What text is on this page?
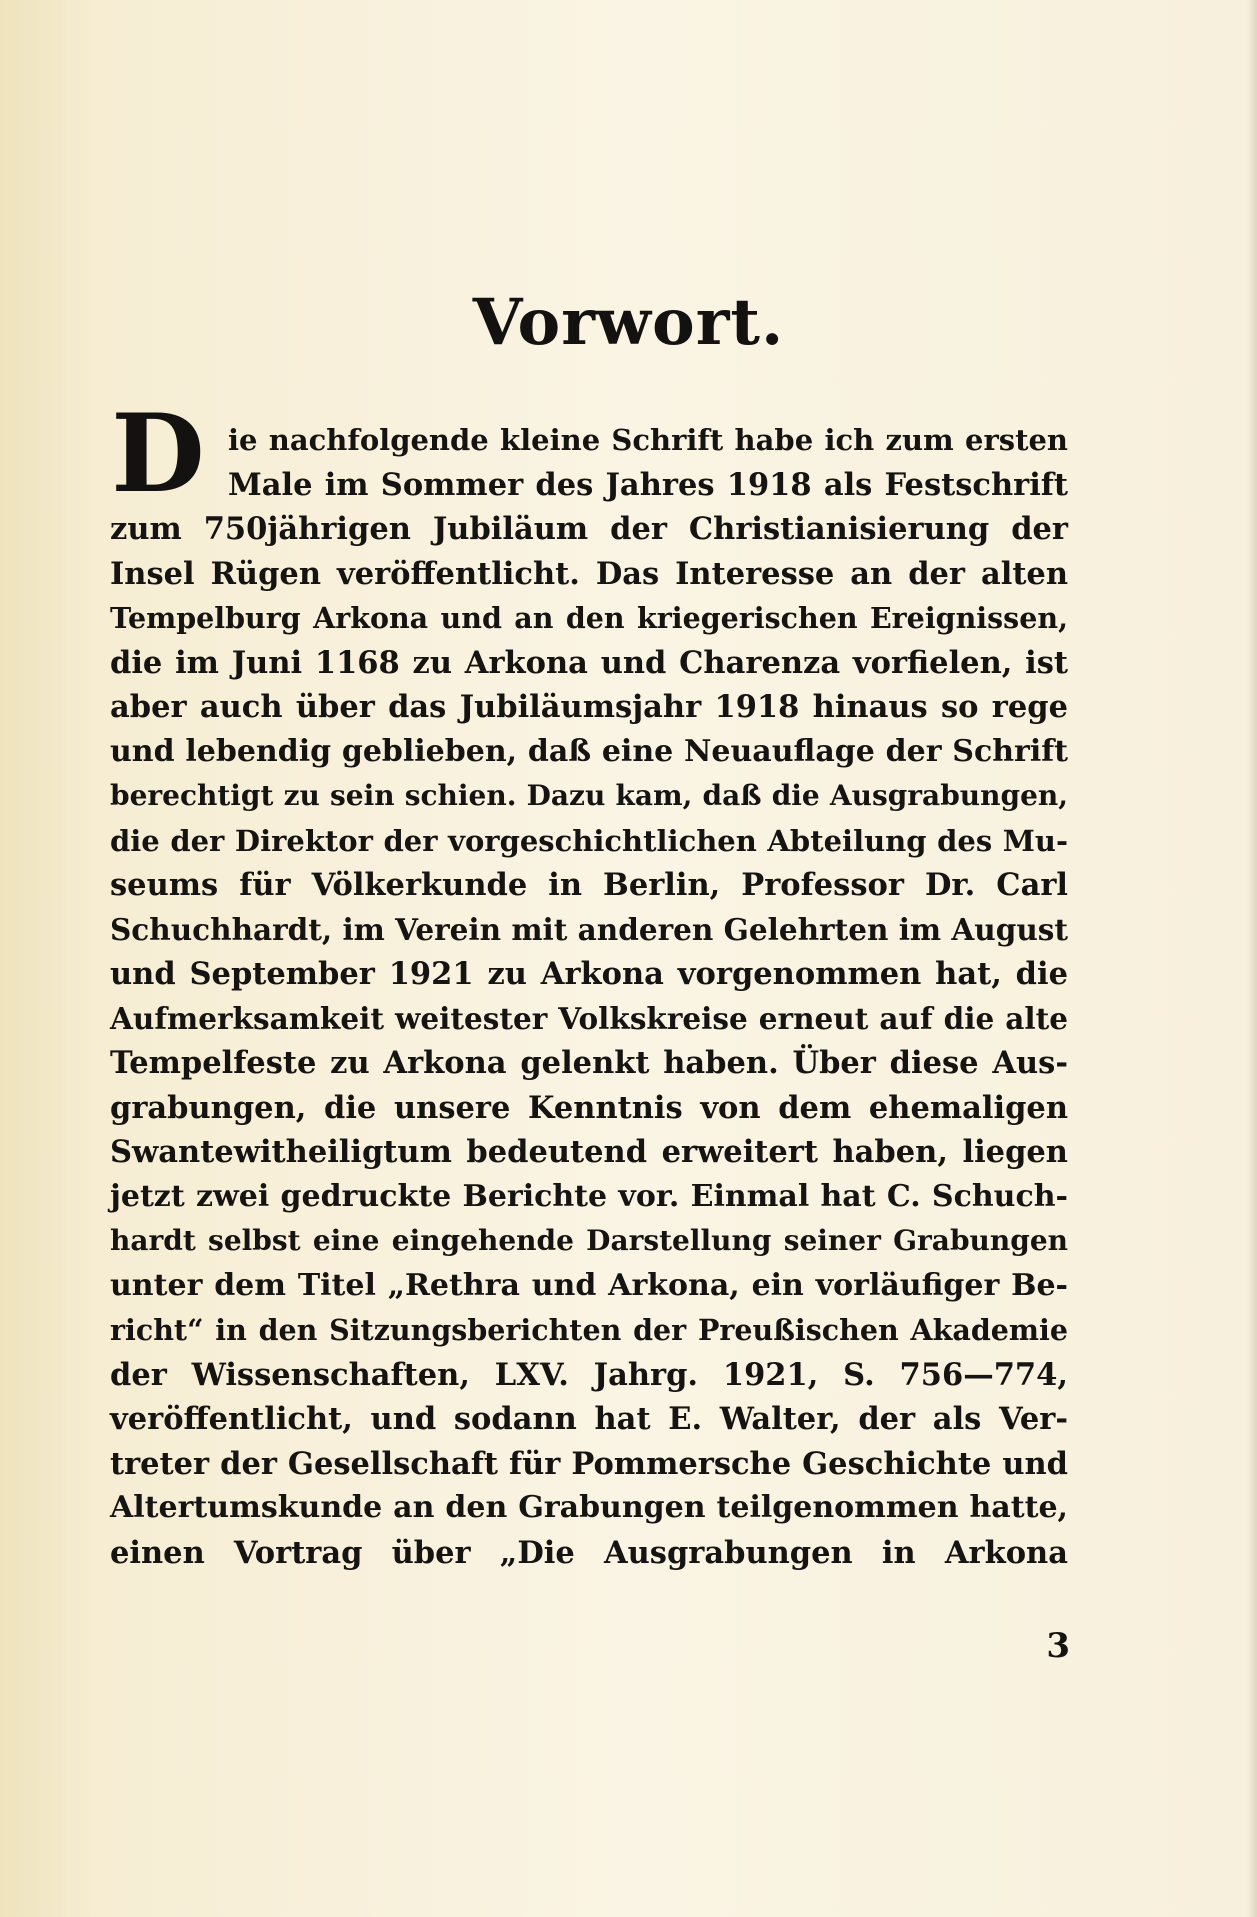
Vorwort.
D ie nachfolgende kleine Schrift habe ich zum ersten
Male im Sommer des Jahres 1918 als Festschrift
zum 750jährigen Jubiläum der Christianisierung der
Insel Rügen veröffentlicht. Das Interesse an der alten
Tempelburg Arkona und an den kriegerischen Ereignissen,
die im Juni 1168 zu Arkona und Charenza vorfielen, ist
aber auch über das Jubiläumsjahr 1918 hinaus so rege
und lebendig geblieben, daß eine Neuauflage der Schrift
berechtigt zu sein schien. Dazu kam, daß die Ausgrabungen,
die der Direktor der vorgeschichtlichen Abteilung des Mu-
seums für Völkerkunde in Berlin, Professor Dr. Carl
Schuchhardt, im Verein mit anderen Gelehrten im August
und September 1921 zu Arkona vorgenommen hat, die
Aufmerksamkeit weitester Volkskreise erneut auf die alte
Tempelfeste zu Arkona gelenkt haben. Über diese Aus-
grabungen, die unsere Kenntnis von dem ehemaligen
Swantewitheiligtum bedeutend erweitert haben, liegen
jetzt zwei gedruckte Berichte vor. Einmal hat C. Schuch-
hardt selbst eine eingehende Darstellung seiner Grabungen
unter dem Titel „Rethra und Arkona, ein vorläufiger Be-
richt“ in den Sitzungsberichten der Preußischen Akademie
der Wissenschaften, LXV. Jahrg. 1921, S. 756—774,
veröffentlicht, und sodann hat E. Walter, der als Ver-
treter der Gesellschaft für Pommersche Geschichte und
Altertumskunde an den Grabungen teilgenommen hatte,
einen Vortrag über „Die Ausgrabungen in Arkona
3
